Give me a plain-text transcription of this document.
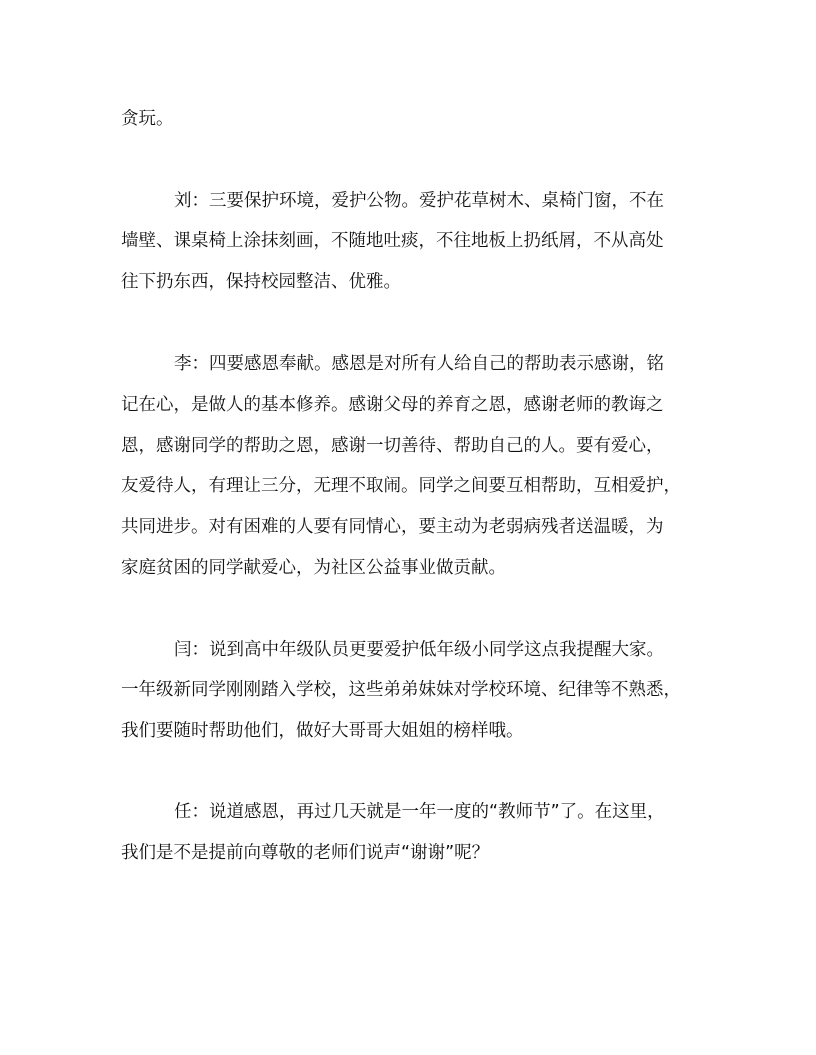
贪玩。
刘：三要保护环境，爱护公物。爱护花草树木、桌椅门窗，不在
墙壁、课桌椅上涂抹刻画，不随地吐痰，不往地板上扔纸屑，不从高处
往下扔东西，保持校园整洁、优雅。
李：四要感恩奉献。感恩是对所有人给自己的帮助表示感谢，铭
记在心，是做人的基本修养。感谢父母的养育之恩，感谢老师的教诲之
恩，感谢同学的帮助之恩，感谢一切善待、帮助自己的人。要有爱心，
友爱待人，有理让三分，无理不取闹。同学之间要互相帮助，互相爱护，
共同进步。对有困难的人要有同情心，要主动为老弱病残者送温暖，为
家庭贫困的同学献爱心，为社区公益事业做贡献。
闫：说到高中年级队员更要爱护低年级小同学这点我提醒大家。
一年级新同学刚刚踏入学校，这些弟弟妹妹对学校环境、纪律等不熟悉，
我们要随时帮助他们，做好大哥哥大姐姐的榜样哦。
任：说道感恩，再过几天就是一年一度的“教师节”了。在这里，
我们是不是提前向尊敬的老师们说声“谢谢”呢？
